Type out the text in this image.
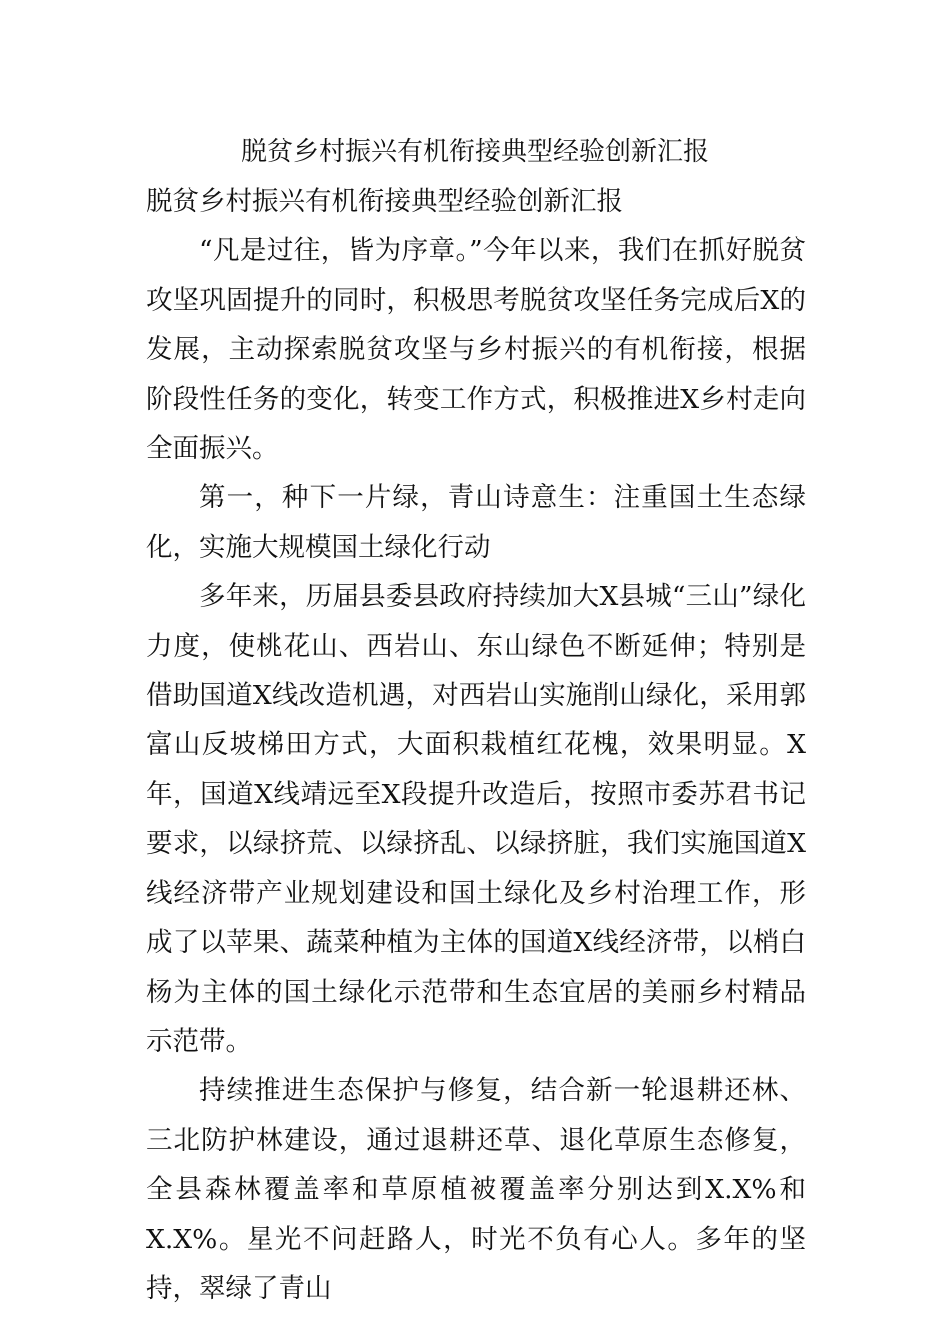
脱贫乡村振兴有机衔接典型经验创新汇报

脱贫乡村振兴有机衔接典型经验创新汇报

“凡是过往，皆为序章。”今年以来，我们在抓好脱贫攻坚巩固提升的同时，积极思考脱贫攻坚任务完成后X的发展，主动探索脱贫攻坚与乡村振兴的有机衔接，根据阶段性任务的变化，转变工作方式，积极推进X乡村走向全面振兴。

第一，种下一片绿，青山诗意生：注重国土生态绿化，实施大规模国土绿化行动

多年来，历届县委县政府持续加大X县城“三山”绿化力度，使桃花山、西岩山、东山绿色不断延伸；特别是借助国道X线改造机遇，对西岩山实施削山绿化，采用郭富山反坡梯田方式，大面积栽植红花槐，效果明显。X年，国道X线靖远至X段提升改造后，按照市委苏君书记要求，以绿挤荒、以绿挤乱、以绿挤脏，我们实施国道X线经济带产业规划建设和国土绿化及乡村治理工作，形成了以苹果、蔬菜种植为主体的国道X线经济带，以梢白杨为主体的国土绿化示范带和生态宜居的美丽乡村精品示范带。

持续推进生态保护与修复，结合新一轮退耕还林、三北防护林建设，通过退耕还草、退化草原生态修复，全县森林覆盖率和草原植被覆盖率分别达到X.X%和X.X%。星光不问赶路人，时光不负有心人。多年的坚持，翠绿了青山
